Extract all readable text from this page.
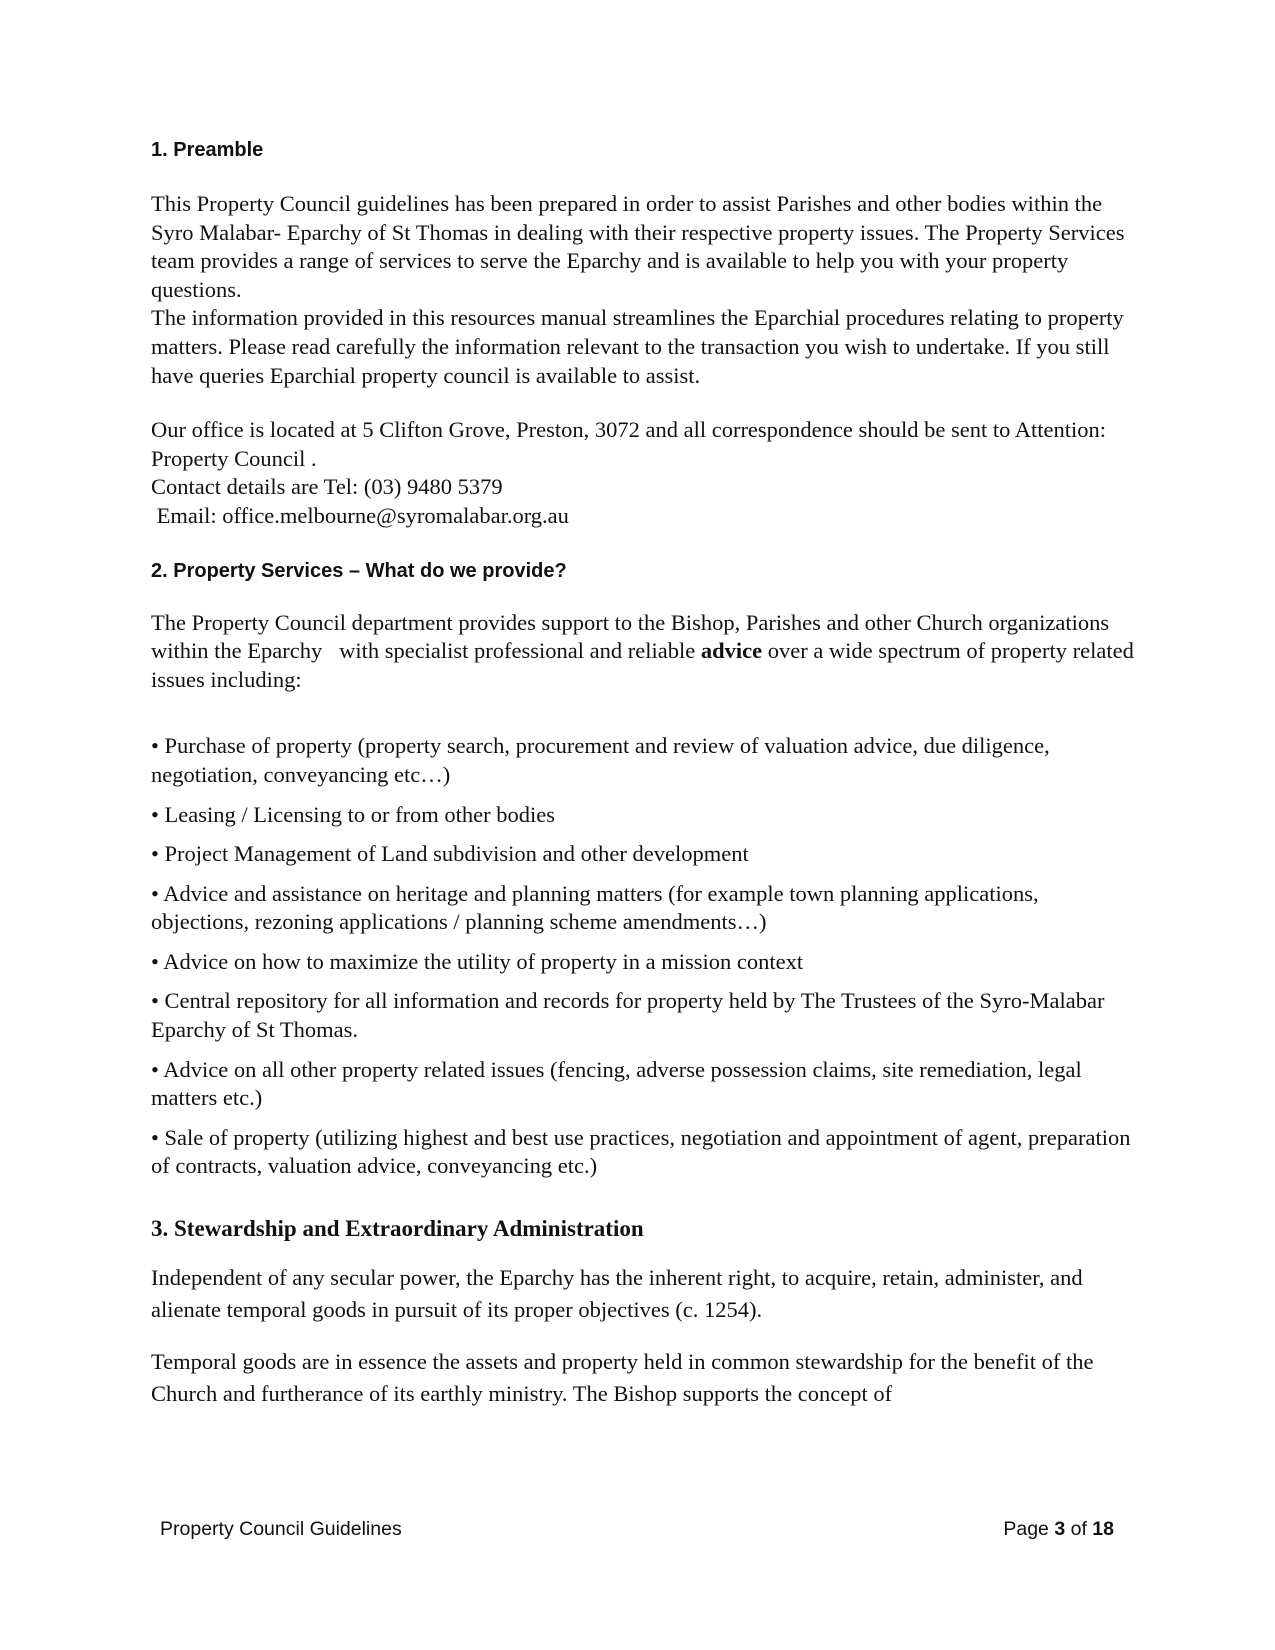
1. Preamble

This Property Council guidelines has been prepared in order to assist Parishes and other bodies within the Syro Malabar- Eparchy of St Thomas in dealing with their respective property issues. The Property Services team provides a range of services to serve the Eparchy and is available to help you with your property questions.

The information provided in this resources manual streamlines the Eparchial procedures relating to property matters. Please read carefully the information relevant to the transaction you wish to undertake. If you still have queries Eparchial property council is available to assist.

Our office is located at 5 Clifton Grove, Preston, 3072 and all correspondence should be sent to Attention: Property Council .

Contact details are Tel: (03) 9480 5379

Email: office.melbourne@syromalabar.org.au

2. Property Services – What do we provide?

The Property Council department provides support to the Bishop, Parishes and other Church organizations within the Eparchy   with specialist professional and reliable advice over a wide spectrum of property related issues including:

• Purchase of property (property search, procurement and review of valuation advice, due diligence, negotiation, conveyancing etc…)

• Leasing / Licensing to or from other bodies

• Project Management of Land subdivision and other development

• Advice and assistance on heritage and planning matters (for example town planning applications, objections, rezoning applications / planning scheme amendments…)

• Advice on how to maximize the utility of property in a mission context

• Central repository for all information and records for property held by The Trustees of the Syro-Malabar Eparchy of St Thomas.

• Advice on all other property related issues (fencing, adverse possession claims, site remediation, legal matters etc.)

• Sale of property (utilizing highest and best use practices, negotiation and appointment of agent, preparation of contracts, valuation advice, conveyancing etc.)

3. Stewardship and Extraordinary Administration

Independent of any secular power, the Eparchy has the inherent right, to acquire, retain, administer, and alienate temporal goods in pursuit of its proper objectives (c. 1254).

Temporal goods are in essence the assets and property held in common stewardship for the benefit of the Church and furtherance of its earthly ministry. The Bishop supports the concept of

Property Council Guidelines	Page 3 of 18
